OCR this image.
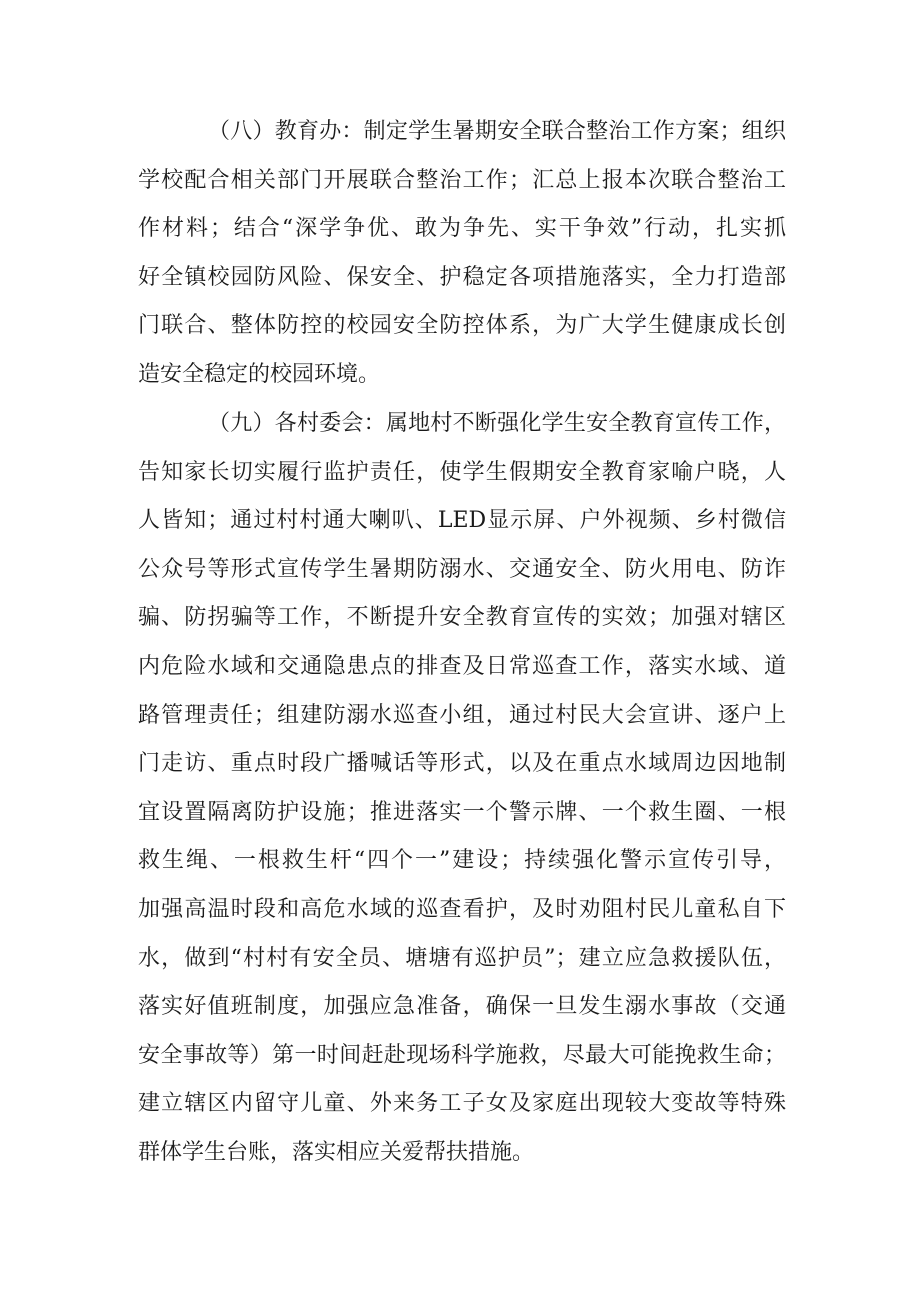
（八）教育办：制定学生暑期安全联合整治工作方案；组织
学校配合相关部门开展联合整治工作；汇总上报本次联合整治工
作材料；结合“深学争优、敢为争先、实干争效”行动，扎实抓
好全镇校园防风险、保安全、护稳定各项措施落实，全力打造部
门联合、整体防控的校园安全防控体系，为广大学生健康成长创
造安全稳定的校园环境。
（九）各村委会：属地村不断强化学生安全教育宣传工作，
告知家长切实履行监护责任，使学生假期安全教育家喻户晓，人
人皆知；通过村村通大喇叭、LED显示屏、户外视频、乡村微信
公众号等形式宣传学生暑期防溺水、交通安全、防火用电、防诈
骗、防拐骗等工作，不断提升安全教育宣传的实效；加强对辖区
内危险水域和交通隐患点的排查及日常巡查工作，落实水域、道
路管理责任；组建防溺水巡查小组，通过村民大会宣讲、逐户上
门走访、重点时段广播喊话等形式，以及在重点水域周边因地制
宜设置隔离防护设施；推进落实一个警示牌、一个救生圈、一根
救生绳、一根救生杆“四个一”建设；持续强化警示宣传引导，
加强高温时段和高危水域的巡查看护，及时劝阻村民儿童私自下
水，做到“村村有安全员、塘塘有巡护员”；建立应急救援队伍，
落实好值班制度，加强应急准备，确保一旦发生溺水事故（交通
安全事故等）第一时间赶赴现场科学施救，尽最大可能挽救生命；
建立辖区内留守儿童、外来务工子女及家庭出现较大变故等特殊
群体学生台账，落实相应关爱帮扶措施。
